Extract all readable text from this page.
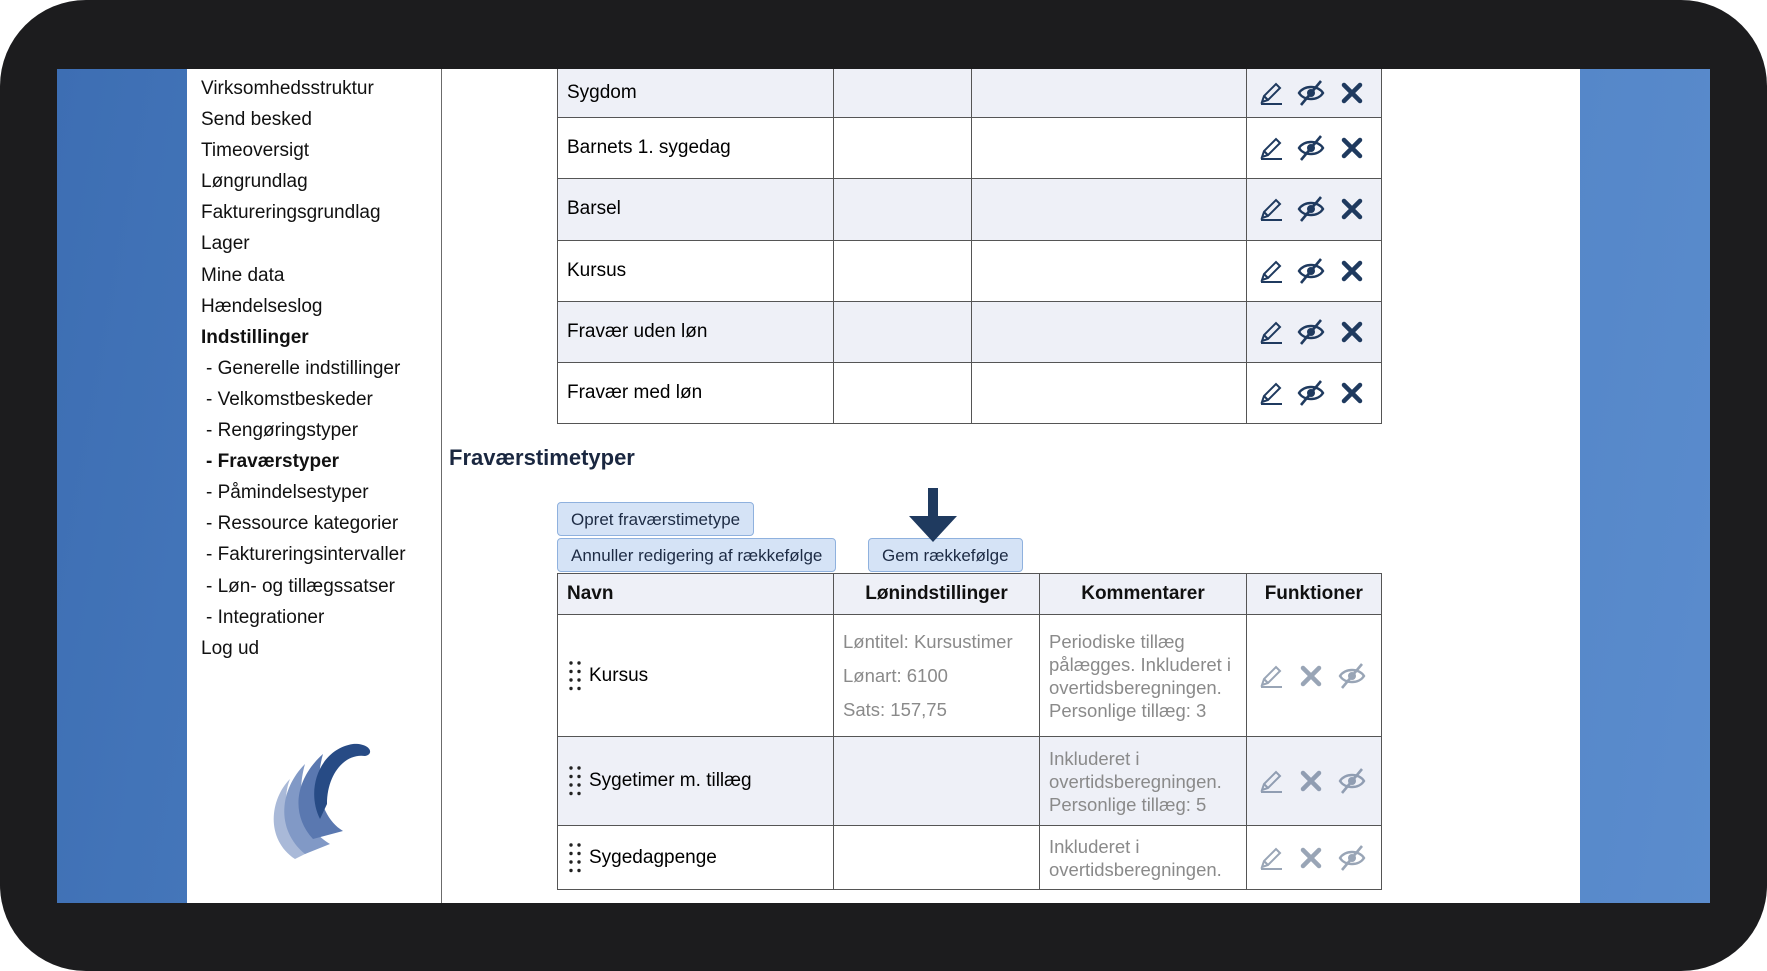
Virksomhedsstruktur
Send besked
Timeoversigt
Løngrundlag
Faktureringsgrundlag
Lager
Mine data
Hændelseslog
Indstillinger
- Generelle indstillinger
- Velkomstbeskeder
- Rengøringstyper
- Fraværstyper
- Påmindelsestyper
- Ressource kategorier
- Faktureringsintervaller
- Løn- og tillægssatser
- Integrationer
Log ud
Sygdom			

Barnets 1. sygedag			

Barsel			

Kursus			

Fravær uden løn			

Fravær med løn			

Fraværstimetyper
Opret fraværstimetype
Annuller redigering af rækkefølge	Gem rækkefølge
Navn	Lønindstillinger	Kommentarer	Funktioner
Kursus	Løntitel: Kursustimer
Lønart: 6100
Sats: 157,75	Periodiske tillæg pålægges. Inkluderet i overtidsberegningen. Personlige tillæg: 3	

Sygetimer m. tillæg		Inkluderet i overtidsberegningen. Personlige tillæg: 5	

Sygedagpenge		Inkluderet i overtidsberegningen.	
